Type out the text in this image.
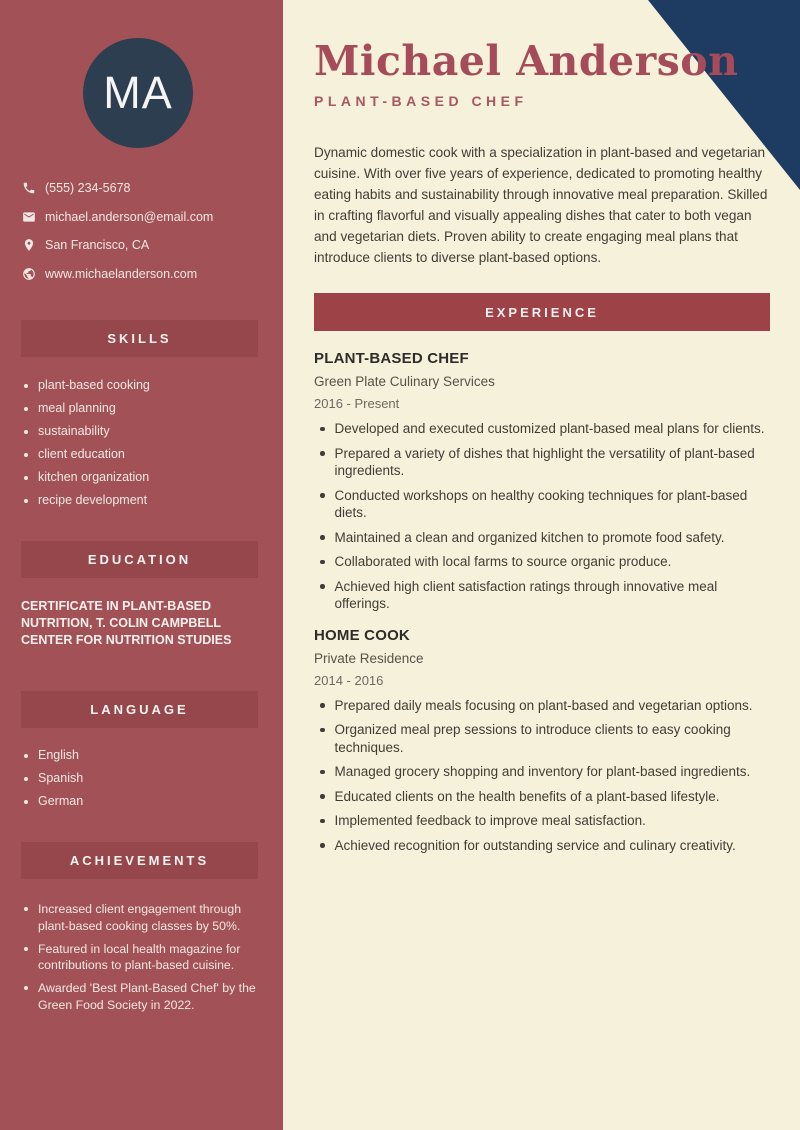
MA
(555) 234-5678
michael.anderson@email.com
San Francisco, CA
www.michaelanderson.com
SKILLS
plant-based cooking
meal planning
sustainability
client education
kitchen organization
recipe development
EDUCATION
CERTIFICATE IN PLANT-BASED NUTRITION, T. COLIN CAMPBELL CENTER FOR NUTRITION STUDIES
LANGUAGE
English
Spanish
German
ACHIEVEMENTS
Increased client engagement through plant-based cooking classes by 50%.
Featured in local health magazine for contributions to plant-based cuisine.
Awarded 'Best Plant-Based Chef' by the Green Food Society in 2022.
Michael Anderson
PLANT-BASED CHEF

Dynamic domestic cook with a specialization in plant-based and vegetarian cuisine. With over five years of experience, dedicated to promoting healthy eating habits and sustainability through innovative meal preparation. Skilled in crafting flavorful and visually appealing dishes that cater to both vegan and vegetarian diets. Proven ability to create engaging meal plans that introduce clients to diverse plant-based options.

EXPERIENCE
PLANT-BASED CHEF
Green Plate Culinary Services
2016 - Present
Developed and executed customized plant-based meal plans for clients.
Prepared a variety of dishes that highlight the versatility of plant-based ingredients.
Conducted workshops on healthy cooking techniques for plant-based diets.
Maintained a clean and organized kitchen to promote food safety.
Collaborated with local farms to source organic produce.
Achieved high client satisfaction ratings through innovative meal offerings.
HOME COOK
Private Residence
2014 - 2016
Prepared daily meals focusing on plant-based and vegetarian options.
Organized meal prep sessions to introduce clients to easy cooking techniques.
Managed grocery shopping and inventory for plant-based ingredients.
Educated clients on the health benefits of a plant-based lifestyle.
Implemented feedback to improve meal satisfaction.
Achieved recognition for outstanding service and culinary creativity.
